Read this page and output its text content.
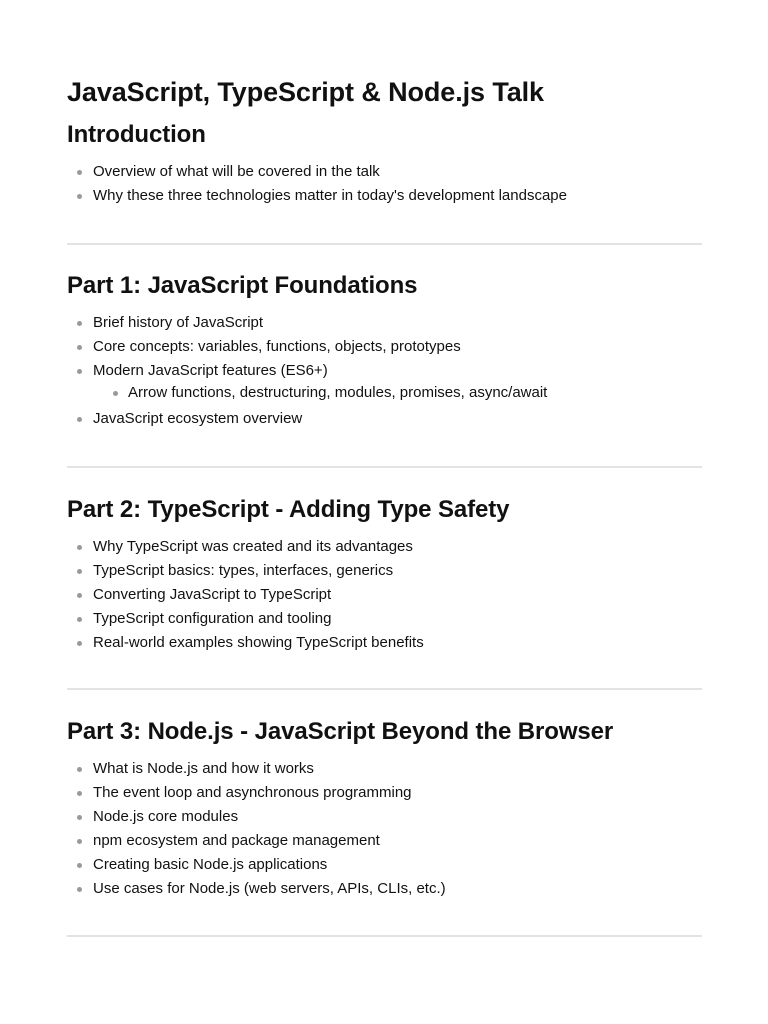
JavaScript, TypeScript & Node.js Talk
Introduction
Overview of what will be covered in the talk
Why these three technologies matter in today's development landscape
Part 1: JavaScript Foundations
Brief history of JavaScript
Core concepts: variables, functions, objects, prototypes
Modern JavaScript features (ES6+)
Arrow functions, destructuring, modules, promises, async/await
JavaScript ecosystem overview
Part 2: TypeScript - Adding Type Safety
Why TypeScript was created and its advantages
TypeScript basics: types, interfaces, generics
Converting JavaScript to TypeScript
TypeScript configuration and tooling
Real-world examples showing TypeScript benefits
Part 3: Node.js - JavaScript Beyond the Browser
What is Node.js and how it works
The event loop and asynchronous programming
Node.js core modules
npm ecosystem and package management
Creating basic Node.js applications
Use cases for Node.js (web servers, APIs, CLIs, etc.)
